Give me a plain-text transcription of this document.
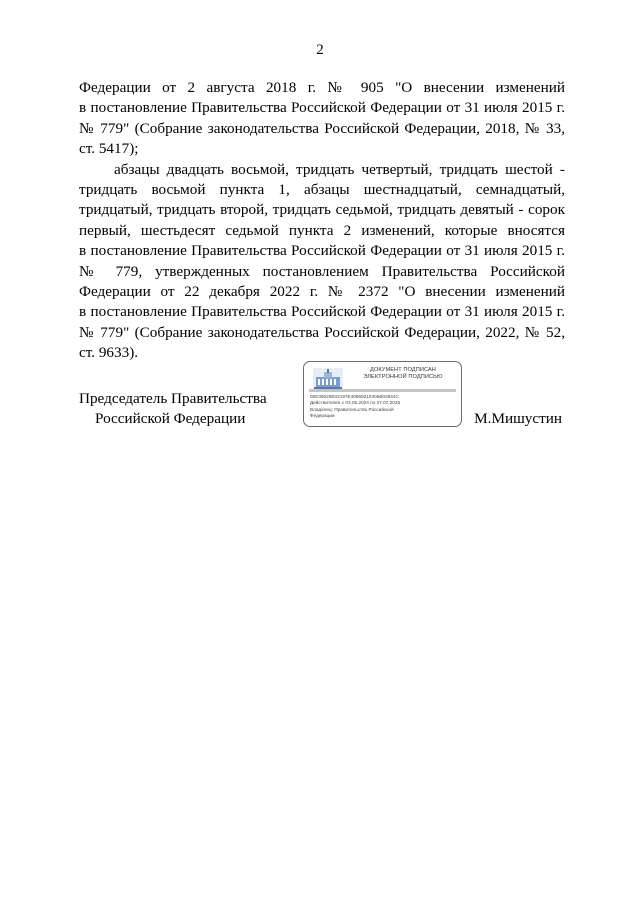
2

Федерации от 2 августа 2018 г. № 905 "О внесении изменений
в постановление Правительства Российской Федерации от 31 июля 2015 г.
№ 779" (Собрание законодательства Российской Федерации, 2018, № 33,
ст. 5417);

абзацы двадцать восьмой, тридцать четвертый, тридцать шестой -
тридцать восьмой пункта 1, абзацы шестнадцатый, семнадцатый,
тридцатый, тридцать второй, тридцать седьмой, тридцать девятый - сорок
первый, шестьдесят седьмой пункта 2 изменений, которые вносятся
в постановление Правительства Российской Федерации от 31 июля 2015 г.
№ 779, утвержденных постановлением Правительства Российской
Федерации от 22 декабря 2022 г. № 2372 "О внесении изменений
в постановление Правительства Российской Федерации от 31 июля 2015 г.
№ 779" (Собрание законодательства Российской Федерации, 2022, № 52,
ст. 9633).

Председатель Правительства
Российской Федерации
ДОКУМЕНТ ПОДПИСАН
ЭЛЕКТРОННОЙ ПОДПИСЬЮ
00E36026E02197E40869210306B02844C
Действителен с 03.05.2024 по 27.07.2025
Владелец: Правительство Российской
Федерации	М.Мишустин
